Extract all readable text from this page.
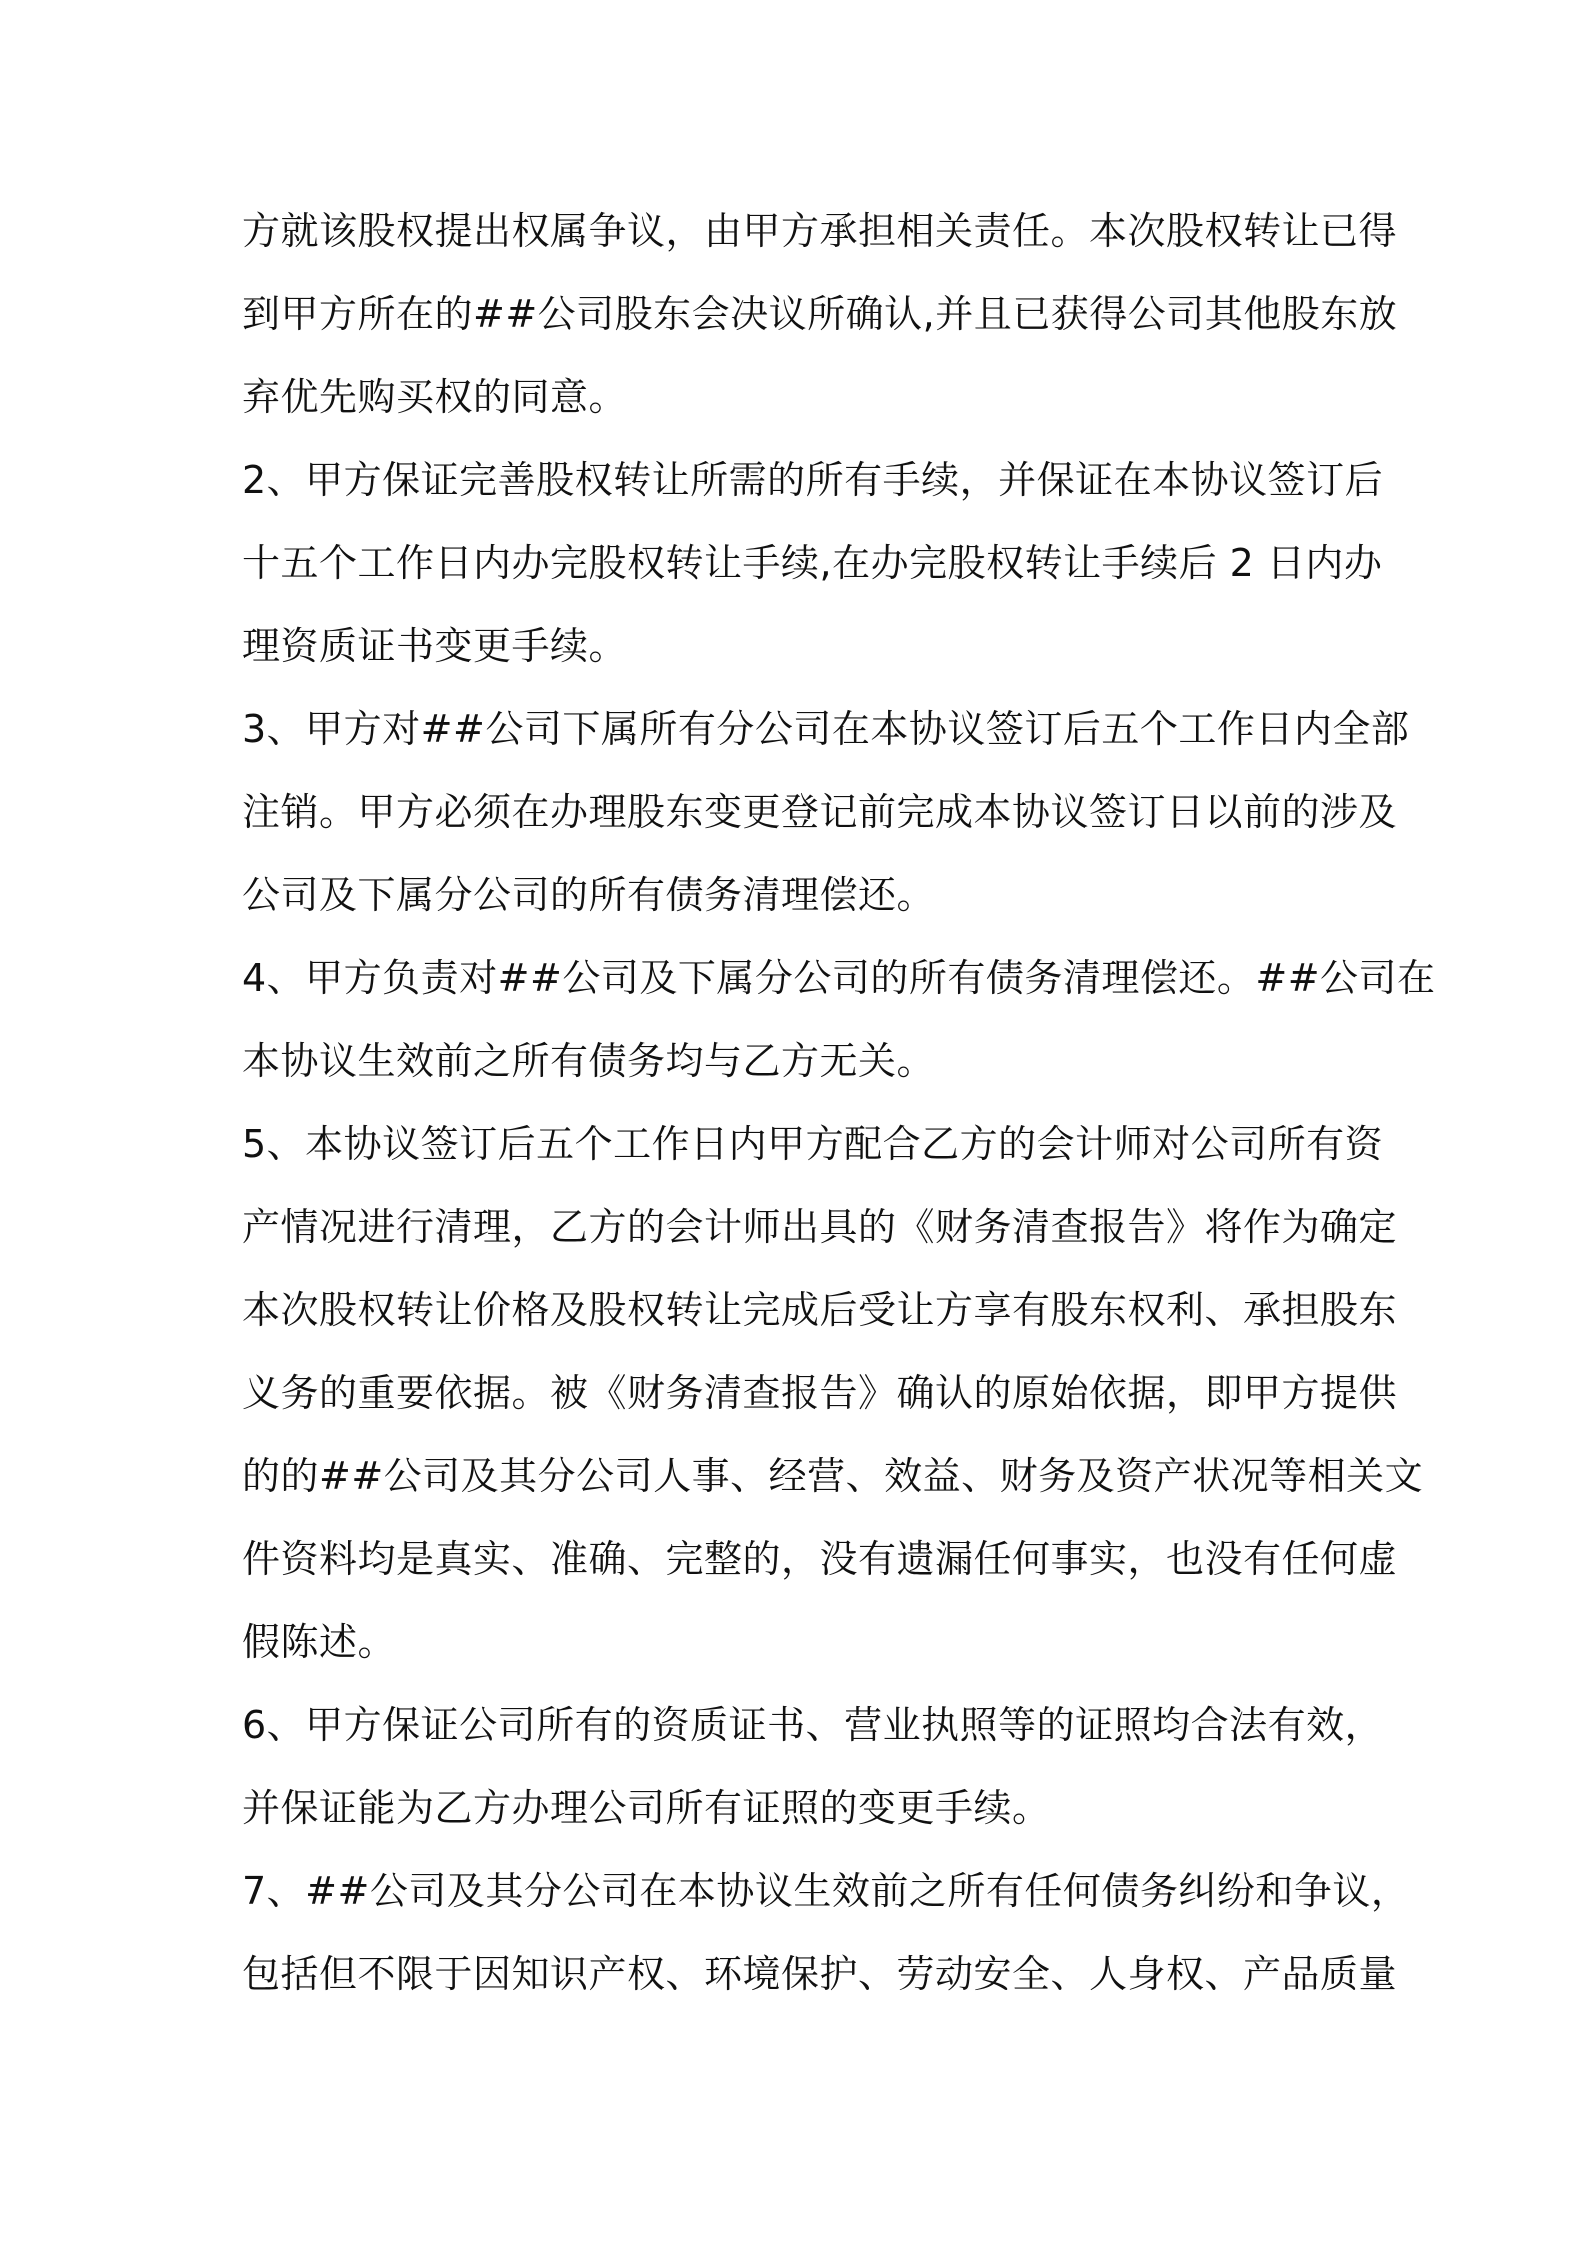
方就该股权提出权属争议，由甲方承担相关责任。本次股权转让已得
到甲方所在的##公司股东会决议所确认,并且已获得公司其他股东放
弃优先购买权的同意。
2、甲方保证完善股权转让所需的所有手续，并保证在本协议签订后
十五个工作日内办完股权转让手续,在办完股权转让手续后 2 日内办
理资质证书变更手续。
3、甲方对##公司下属所有分公司在本协议签订后五个工作日内全部
注销。甲方必须在办理股东变更登记前完成本协议签订日以前的涉及
公司及下属分公司的所有债务清理偿还。
4、甲方负责对##公司及下属分公司的所有债务清理偿还。##公司在
本协议生效前之所有债务均与乙方无关。
5、本协议签订后五个工作日内甲方配合乙方的会计师对公司所有资
产情况进行清理，乙方的会计师出具的《财务清查报告》将作为确定
本次股权转让价格及股权转让完成后受让方享有股东权利、承担股东
义务的重要依据。被《财务清查报告》确认的原始依据，即甲方提供
的的##公司及其分公司人事、经营、效益、财务及资产状况等相关文
件资料均是真实、准确、完整的，没有遗漏任何事实，也没有任何虚
假陈述。
6、甲方保证公司所有的资质证书、营业执照等的证照均合法有效，
并保证能为乙方办理公司所有证照的变更手续。
7、##公司及其分公司在本协议生效前之所有任何债务纠纷和争议，
包括但不限于因知识产权、环境保护、劳动安全、人身权、产品质量
